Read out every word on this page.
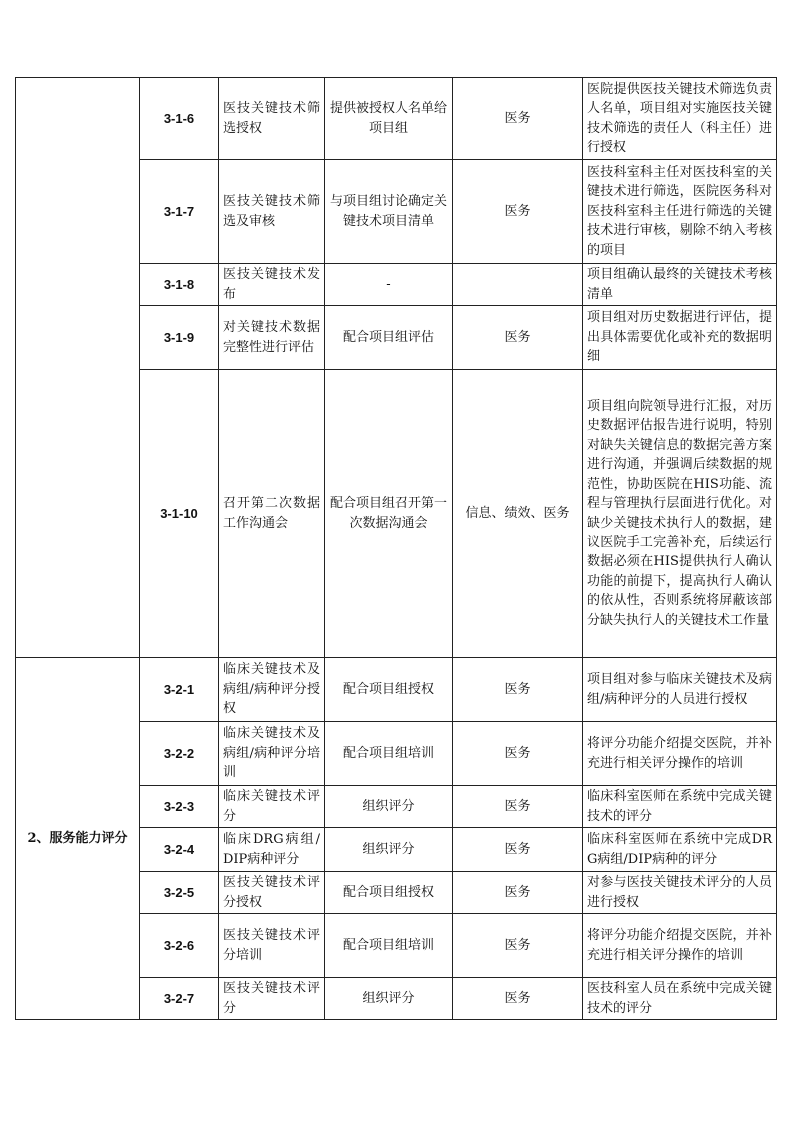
	3-1-6	医技关键技术筛选授权	提供被授权人名单给项目组	医务	医院提供医技关键技术筛选负责人名单，项目组对实施医技关键技术筛选的责任人（科主任）进行授权
	3-1-7	医技关键技术筛选及审核	与项目组讨论确定关键技术项目清单	医务	医技科室科主任对医技科室的关键技术进行筛选，医院医务科对医技科室科主任进行筛选的关键技术进行审核，剔除不纳入考核的项目
	3-1-8	医技关键技术发布	-		项目组确认最终的关键技术考核清单
	3-1-9	对关键技术数据完整性进行评估	配合项目组评估	医务	项目组对历史数据进行评估，提出具体需要优化或补充的数据明细
	3-1-10	召开第二次数据工作沟通会	配合项目组召开第一次数据沟通会	信息、绩效、医务	项目组向院领导进行汇报，对历史数据评估报告进行说明，特别对缺失关键信息的数据完善方案进行沟通，并强调后续数据的规范性，协助医院在HIS功能、流程与管理执行层面进行优化。对缺少关键技术执行人的数据，建议医院手工完善补充，后续运行数据必须在HIS提供执行人确认功能的前提下，提高执行人确认的依从性，否则系统将屏蔽该部分缺失执行人的关键技术工作量
2、服务能力评分	3-2-1	临床关键技术及病组/病种评分授权	配合项目组授权	医务	项目组对参与临床关键技术及病组/病种评分的人员进行授权
	3-2-2	临床关键技术及病组/病种评分培训	配合项目组培训	医务	将评分功能介绍提交医院，并补充进行相关评分操作的培训
	3-2-3	临床关键技术评分	组织评分	医务	临床科室医师在系统中完成关键技术的评分
	3-2-4	临床DRG病组/DIP病种评分	组织评分	医务	临床科室医师在系统中完成DRG病组/DIP病种的评分
	3-2-5	医技关键技术评分授权	配合项目组授权	医务	对参与医技关键技术评分的人员进行授权
	3-2-6	医技关键技术评分培训	配合项目组培训	医务	将评分功能介绍提交医院，并补充进行相关评分操作的培训
	3-2-7	医技关键技术评分	组织评分	医务	医技科室人员在系统中完成关键技术的评分
